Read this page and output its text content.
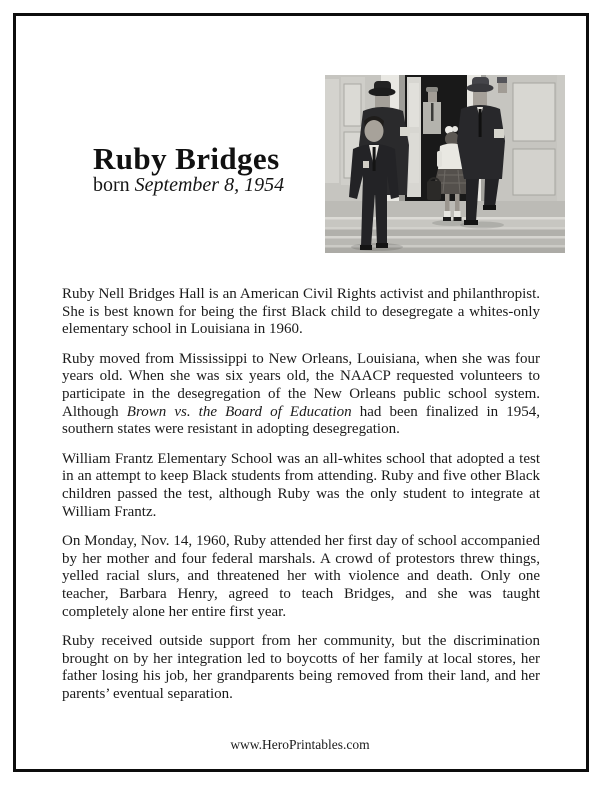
Ruby Bridges
born September 8, 1954

Ruby Nell Bridges Hall is an American Civil Rights activist and philanthropist. She is best known for being the first Black child to desegregate a whites-only elementary school in Louisiana in 1960.

Ruby moved from Mississippi to New Orleans, Louisiana, when she was four years old. When she was six years old, the NAACP requested volunteers to participate in the desegregation of the New Orleans public school system. Although Brown vs. the Board of Education had been finalized in 1954, southern states were resistant in adopting desegregation.

William Frantz Elementary School was an all-whites school that adopted a test in an attempt to keep Black students from attending. Ruby and five other Black children passed the test, although Ruby was the only student to integrate at William Frantz.

On Monday, Nov. 14, 1960, Ruby attended her first day of school accompanied by her mother and four federal marshals. A crowd of protestors threw things, yelled racial slurs, and threatened her with violence and death. Only one teacher, Barbara Henry, agreed to teach Bridges, and she was taught completely alone her entire first year.

Ruby received outside support from her community, but the discrimination brought on by her integration led to boycotts of her family at local stores, her father losing his job, her grandparents being removed from their land, and her parents’ eventual separation.

www.HeroPrintables.com
